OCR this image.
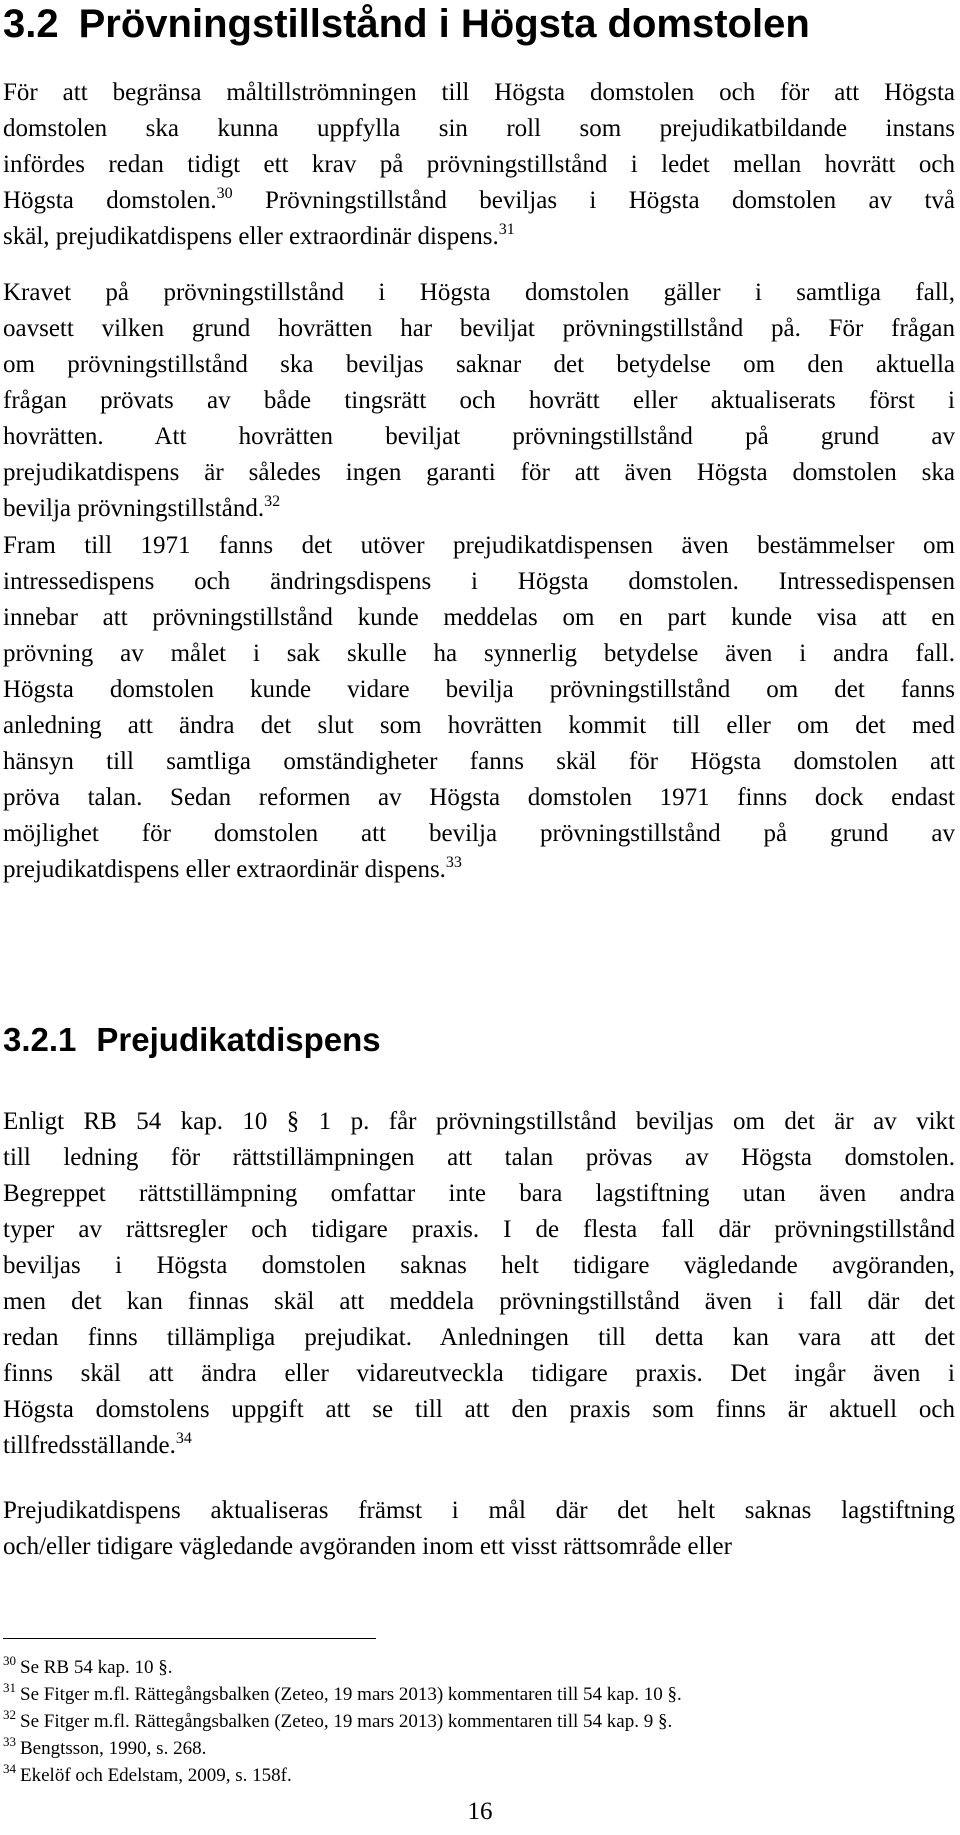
3.2 Prövningstillstånd i Högsta domstolen
För att begränsa måltillströmningen till Högsta domstolen och för att Högsta
domstolen ska kunna uppfylla sin roll som prejudikatbildande instans
infördes redan tidigt ett krav på prövningstillstånd i ledet mellan hovrätt och
Högsta domstolen.$^{30}$ Prövningstillstånd beviljas i Högsta domstolen av två
skäl, prejudikatdispens eller extraordinär dispens.$^{31}$
Kravet på prövningstillstånd i Högsta domstolen gäller i samtliga fall,
oavsett vilken grund hovrätten har beviljat prövningstillstånd på. För frågan
om prövningstillstånd ska beviljas saknar det betydelse om den aktuella
frågan prövats av både tingsrätt och hovrätt eller aktualiserats först i
hovrätten. Att hovrätten beviljat prövningstillstånd på grund av
prejudikatdispens är således ingen garanti för att även Högsta domstolen ska
bevilja prövningstillstånd.$^{32}$
Fram till 1971 fanns det utöver prejudikatdispensen även bestämmelser om
intressedispens och ändringsdispens i Högsta domstolen. Intressedispensen
innebar att prövningstillstånd kunde meddelas om en part kunde visa att en
prövning av målet i sak skulle ha synnerlig betydelse även i andra fall.
Högsta domstolen kunde vidare bevilja prövningstillstånd om det fanns
anledning att ändra det slut som hovrätten kommit till eller om det med
hänsyn till samtliga omständigheter fanns skäl för Högsta domstolen att
pröva talan. Sedan reformen av Högsta domstolen 1971 finns dock endast
möjlighet för domstolen att bevilja prövningstillstånd på grund av
prejudikatdispens eller extraordinär dispens.$^{33}$
3.2.1 Prejudikatdispens
Enligt RB 54 kap. 10 § 1 p. får prövningstillstånd beviljas om det är av vikt
till ledning för rättstillämpningen att talan prövas av Högsta domstolen.
Begreppet rättstillämpning omfattar inte bara lagstiftning utan även andra
typer av rättsregler och tidigare praxis. I de flesta fall där prövningstillstånd
beviljas i Högsta domstolen saknas helt tidigare vägledande avgöranden,
men det kan finnas skäl att meddela prövningstillstånd även i fall där det
redan finns tillämpliga prejudikat. Anledningen till detta kan vara att det
finns skäl att ändra eller vidareutveckla tidigare praxis. Det ingår även i
Högsta domstolens uppgift att se till att den praxis som finns är aktuell och
tillfredsställande.$^{34}$
Prejudikatdispens aktualiseras främst i mål där det helt saknas lagstiftning
och/eller tidigare vägledande avgöranden inom ett visst rättsområde eller
$^{30}$ Se RB 54 kap. 10 §.
$^{31}$ Se Fitger m.fl. Rättegångsbalken (Zeteo, 19 mars 2013) kommentaren till 54 kap. 10 §.
$^{32}$ Se Fitger m.fl. Rättegångsbalken (Zeteo, 19 mars 2013) kommentaren till 54 kap. 9 §.
$^{33}$ Bengtsson, 1990, s. 268.
$^{34}$ Ekelöf och Edelstam, 2009, s. 158f.
16
